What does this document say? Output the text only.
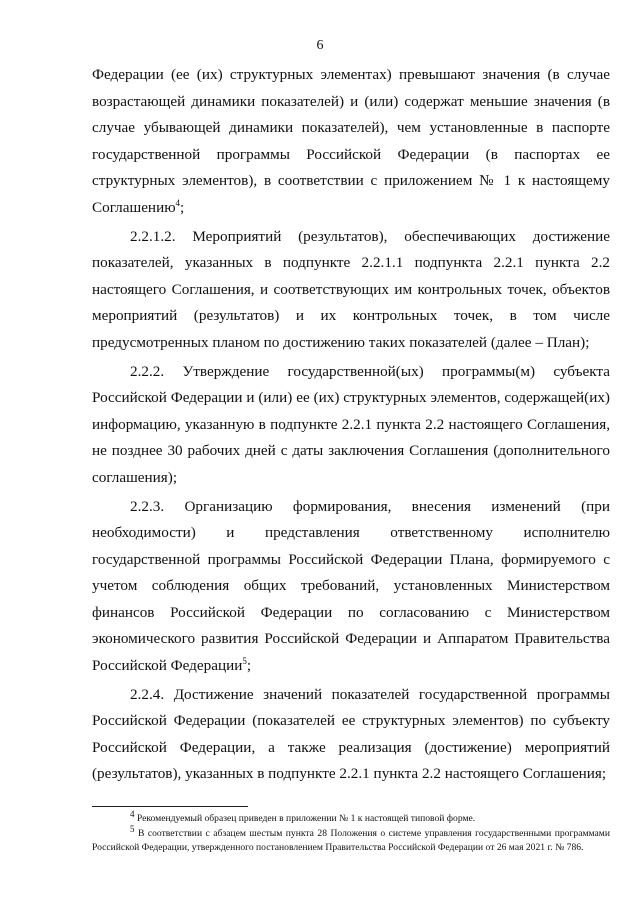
6

Федерации (ее (их) структурных элементах) превышают значения (в случае возрастающей динамики показателей) и (или) содержат меньшие значения (в случае убывающей динамики показателей), чем установленные в паспорте государственной программы Российской Федерации (в паспортах ее структурных элементов), в соответствии с приложением № 1 к настоящему Соглашению$^4$;

2.2.1.2. Мероприятий (результатов), обеспечивающих достижение показателей, указанных в подпункте 2.2.1.1 подпункта 2.2.1 пункта 2.2 настоящего Соглашения, и соответствующих им контрольных точек, объектов мероприятий (результатов) и их контрольных точек, в том числе предусмотренных планом по достижению таких показателей (далее – План);

2.2.2. Утверждение государственной(ых) программы(м) субъекта Российской Федерации и (или) ее (их) структурных элементов, содержащей(их) информацию, указанную в подпункте 2.2.1 пункта 2.2 настоящего Соглашения, не позднее 30 рабочих дней с даты заключения Соглашения (дополнительного соглашения);

2.2.3. Организацию формирования, внесения изменений (при необходимости) и представления ответственному исполнителю государственной программы Российской Федерации Плана, формируемого с учетом соблюдения общих требований, установленных Министерством финансов Российской Федерации по согласованию с Министерством экономического развития Российской Федерации и Аппаратом Правительства Российской Федерации$^5$;

2.2.4. Достижение значений показателей государственной программы Российской Федерации (показателей ее структурных элементов) по субъекту Российской Федерации, а также реализация (достижение) мероприятий (результатов), указанных в подпункте 2.2.1 пункта 2.2 настоящего Соглашения;

$^4$ Рекомендуемый образец приведен в приложении № 1 к настоящей типовой форме.

$^5$ В соответствии с абзацем шестым пункта 28 Положения о системе управления государственными программами Российской Федерации, утвержденного постановлением Правительства Российской Федерации от 26 мая 2021 г. № 786.
